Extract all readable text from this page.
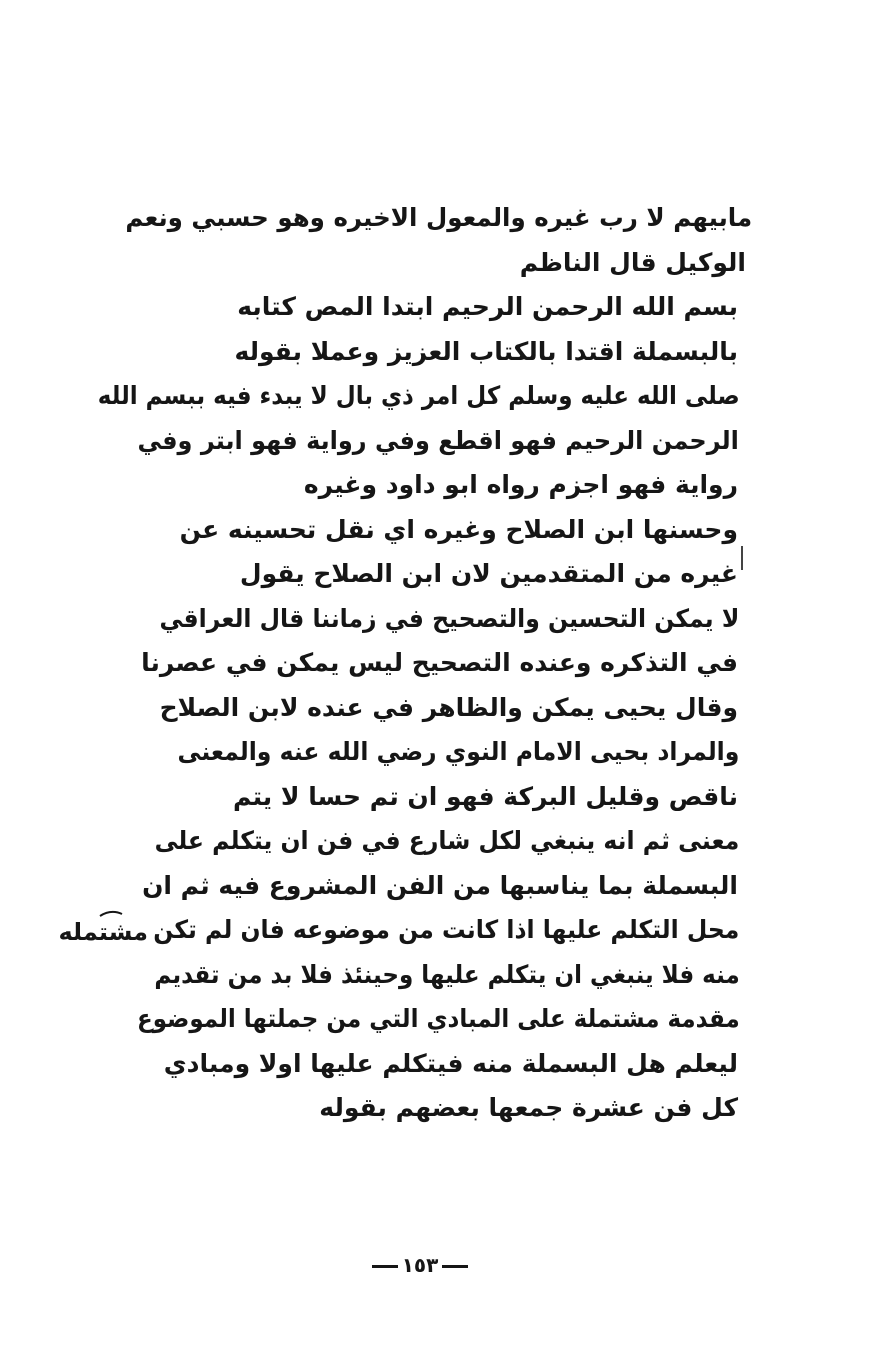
مابيهم لا رب غيره والمعول الاخيره وهو حسبي ونعم
الوكيل قال الناظم
بسم الله الرحمن الرحيم ابتدا المص كتابه
بالبسملة اقتدا بالكتاب العزيز وعملا بقوله
صلى الله عليه وسلم كل امر ذي بال لا يبدء فيه ببسم الله
الرحمن الرحيم فهو اقطع وفي رواية فهو ابتر وفي
رواية فهو اجزم رواه ابو داود وغيره
وحسنها ابن الصلاح وغيره اي نقل تحسينه عن
غيره من المتقدمين لان ابن الصلاح يقول
لا يمكن التحسين والتصحيح في زماننا قال العراقي
في التذكره وعنده التصحيح ليس يمكن في عصرنا
وقال يحيى يمكن والظاهر في عنده لابن الصلاح
والمراد بحيى الامام النوي رضي الله عنه والمعنى
ناقص وقليل البركة فهو ان تم حسا لا يتم
معنى ثم انه ينبغي لكل شارع في فن ان يتكلم على
البسملة بما يناسبها من الفن المشروع فيه ثم ان
محل التكلم عليها اذا كانت من موضوعه فان لم تكن
منه فلا ينبغي ان يتكلم عليها وحينئذ فلا بد من تقديم
مقدمة مشتملة على المبادي التي من جملتها الموضوع
ليعلم هل البسملة منه فيتكلم عليها اولا ومبادي
كل فن عشرة جمعها بعضهم بقوله
مشتمله
١٥٣
